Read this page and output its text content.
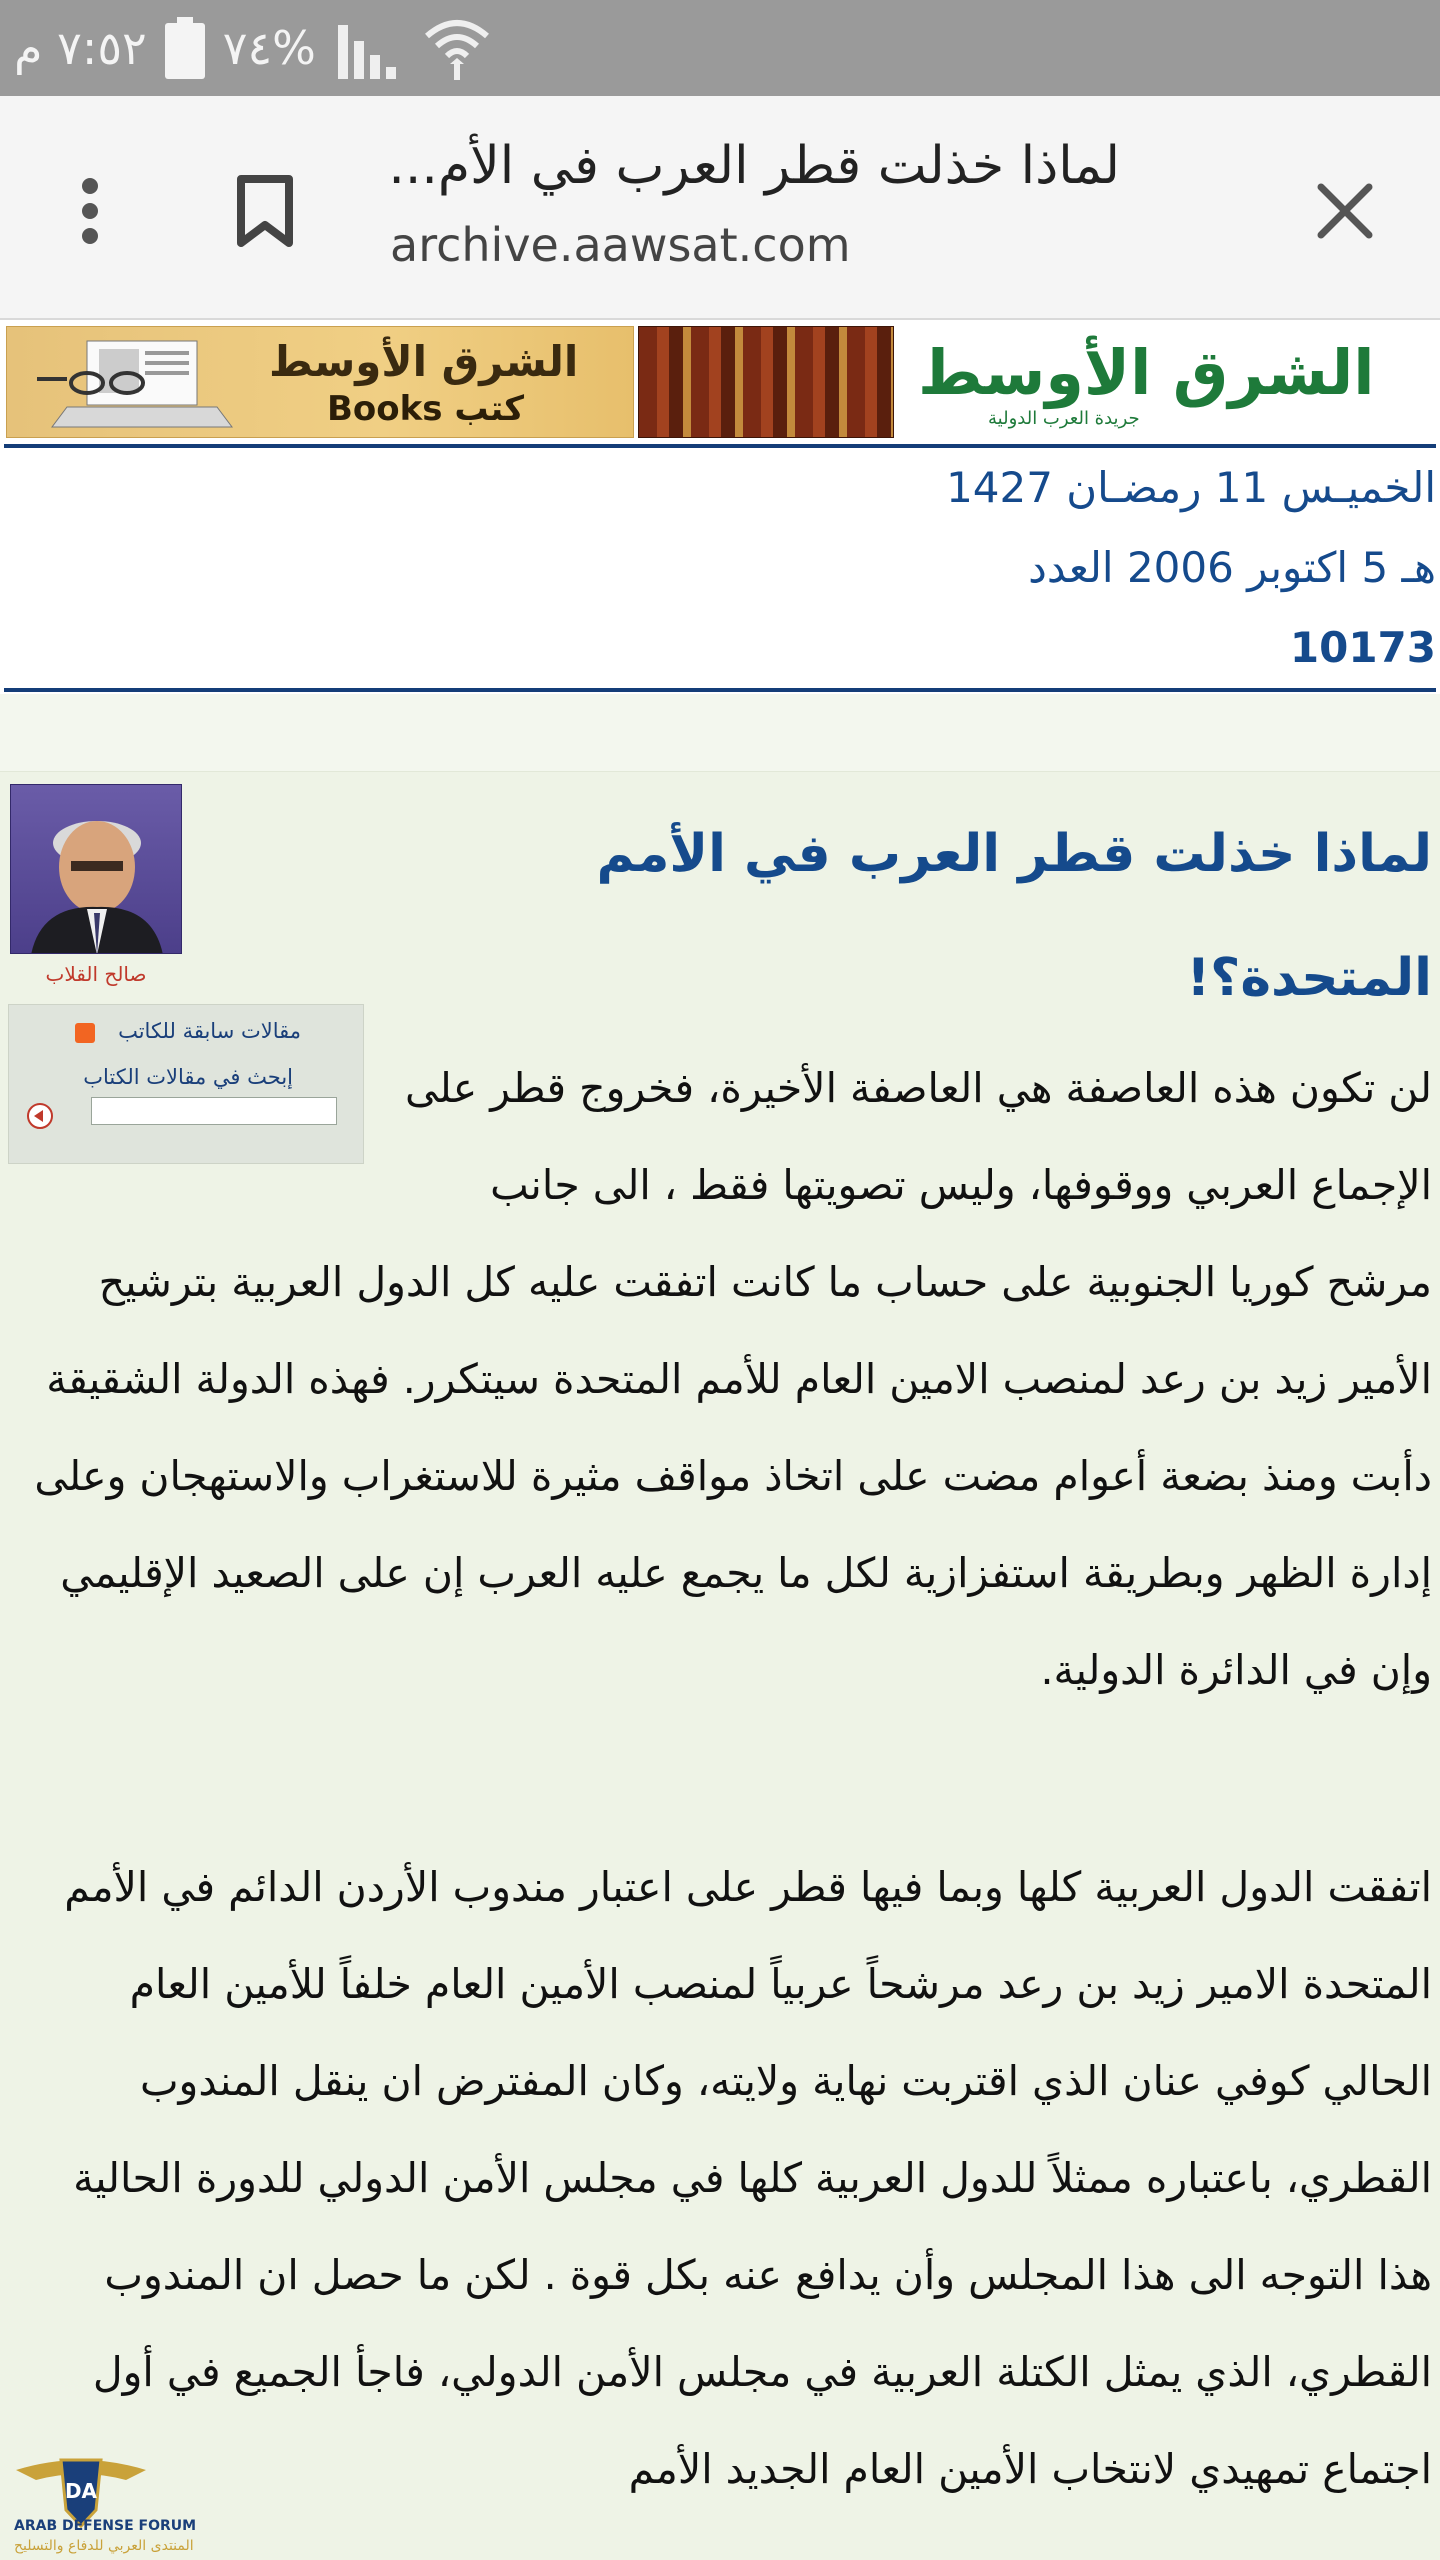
٧:٥٢ م %٧٤
لماذا خذلت قطر العرب في الأم...
archive.aawsat.com
الشرق الأوسط
Books كتب	الشرق الأوسط
جريدة العرب الدولية
الخميـس 11 رمضـان 1427
هـ 5 اكتوبر 2006 العدد
10173
صالح القلاب
مقالات سابقة للكاتب
إبحث في مقالات الكتاب
لماذا خذلت قطر العرب في الأمم المتحدة؟!
لن تكون هذه العاصفة هي العاصفة الأخيرة، فخروج قطر على الإجماع العربي ووقوفها، وليس تصويتها فقط ، الى جانب مرشح كوريا الجنوبية على حساب ما كانت اتفقت عليه كل الدول العربية بترشيح الأمير زيد بن رعد لمنصب الامين العام للأمم المتحدة سيتكرر. فهذه الدولة الشقيقة دأبت ومنذ بضعة أعوام مضت على اتخاذ مواقف مثيرة للاستغراب والاستهجان وعلى إدارة الظهر وبطريقة استفزازية لكل ما يجمع عليه العرب إن على الصعيد الإقليمي وإن في الدائرة الدولية.
اتفقت الدول العربية كلها وبما فيها قطر على اعتبار مندوب الأردن الدائم في الأمم المتحدة الامير زيد بن رعد مرشحاً عربياً لمنصب الأمين العام خلفاً للأمين العام الحالي كوفي عنان الذي اقتربت نهاية ولايته، وكان المفترض ان ينقل المندوب القطري، باعتباره ممثلاً للدول العربية كلها في مجلس الأمن الدولي للدورة الحالية هذا التوجه الى هذا المجلس وأن يدافع عنه بكل قوة . لكن ما حصل ان المندوب القطري، الذي يمثل الكتلة العربية في مجلس الأمن الدولي، فاجأ الجميع في أول اجتماع تمهيدي لانتخاب الأمين العام الجديد الأمم
DA
ARAB DEFENSE FORUM
المنتدى العربي للدفاع والتسليح
